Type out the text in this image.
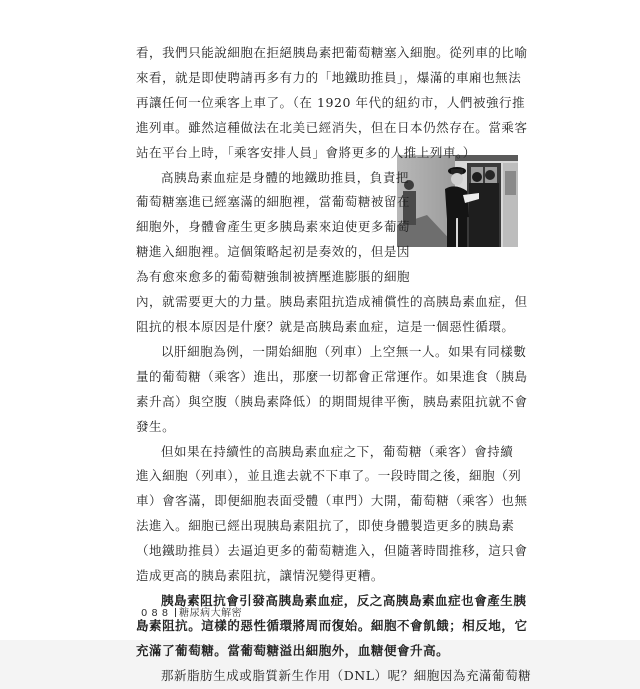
看，我們只能說細胞在拒絕胰島素把葡萄糖塞入細胞。從列車的比喻
來看，就是即使聘請再多有力的「地鐵助推員」，爆滿的車廂也無法
再讓任何一位乘客上車了。（在 1920 年代的紐約市，人們被強行推
進列車。雖然這種做法在北美已經消失，但在日本仍然存在。當乘客
站在平台上時，「乘客安排人員」會將更多的人推上列車。）

高胰島素血症是身體的地鐵助推員，負責把
葡萄糖塞進已經塞滿的細胞裡，當葡萄糖被留在
細胞外，身體會產生更多胰島素來迫使更多葡萄
糖進入細胞裡。這個策略起初是奏效的，但是因
為有愈來愈多的葡萄糖強制被擠壓進膨脹的細胞
內，就需要更大的力量。胰島素阻抗造成補償性的高胰島素血症，但
阻抗的根本原因是什麼？就是高胰島素血症，這是一個惡性循環。

以肝細胞為例，一開始細胞（列車）上空無一人。如果有同樣數
量的葡萄糖（乘客）進出，那麼一切都會正常運作。如果進食（胰島
素升高）與空腹（胰島素降低）的期間規律平衡，胰島素阻抗就不會
發生。

但如果在持續性的高胰島素血症之下，葡萄糖（乘客）會持續
進入細胞（列車），並且進去就不下車了。一段時間之後，細胞（列
車）會客滿，即便細胞表面受體（車門）大開，葡萄糖（乘客）也無
法進入。細胞已經出現胰島素阻抗了，即使身體製造更多的胰島素
（地鐵助推員）去逼迫更多的葡萄糖進入，但隨著時間推移，這只會
造成更高的胰島素阻抗，讓情況變得更糟。

胰島素阻抗會引發高胰島素血症，反之高胰島素血症也會產生胰
島素阻抗。這樣的惡性循環將周而復始。細胞不會飢餓；相反地，它
充滿了葡萄糖。當葡萄糖溢出細胞外，血糖便會升高。

那新脂肪生成或脂質新生作用（DNL）呢？細胞因為充滿葡萄糖

088 糖尿病大解密
